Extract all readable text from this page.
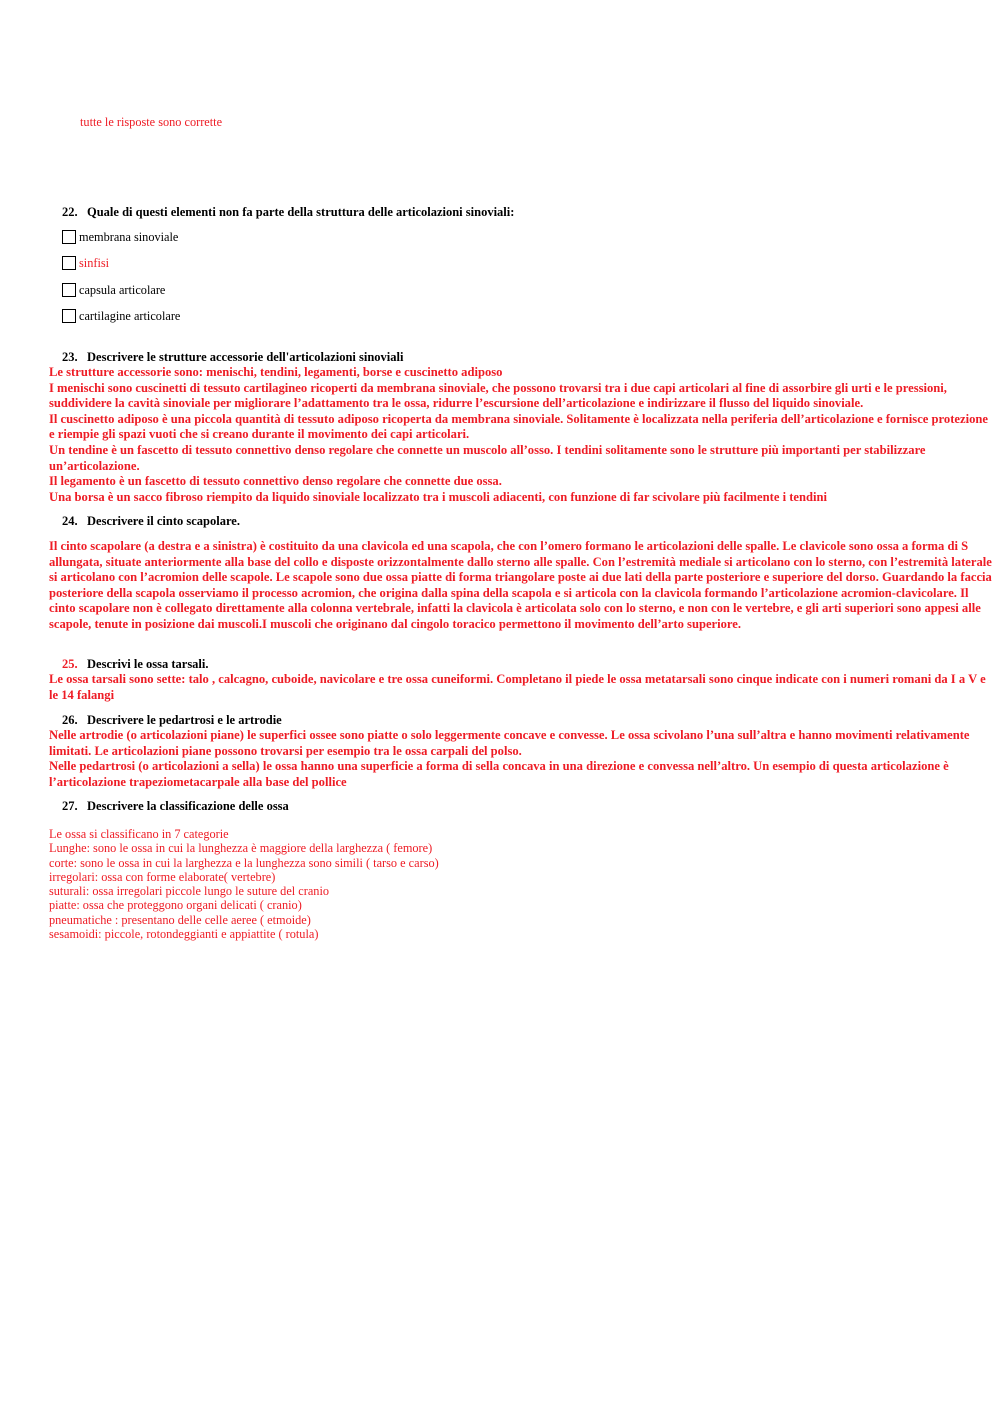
tutte le risposte sono corrette
22. Quale di questi elementi non fa parte della struttura delle articolazioni sinoviali:
membrana sinoviale
sinfisi
capsula articolare
cartilagine articolare
23. Descrivere le strutture accessorie dell'articolazioni sinoviali

Le strutture accessorie sono: menischi, tendini, legamenti, borse e cuscinetto adiposo

I menischi sono cuscinetti di tessuto cartilagineo ricoperti da membrana sinoviale, che possono trovarsi tra i due capi articolari al fine di assorbire gli urti e le pressioni, suddividere la cavità sinoviale per migliorare l’adattamento tra le ossa, ridurre l’escursione dell’articolazione e indirizzare il flusso del liquido sinoviale.

Il cuscinetto adiposo è una piccola quantità di tessuto adiposo ricoperta da membrana sinoviale. Solitamente è localizzata nella periferia dell’articolazione e fornisce protezione e riempie gli spazi vuoti che si creano durante il movimento dei capi articolari.

Un tendine è un fascetto di tessuto connettivo denso regolare che connette un muscolo all’osso. I tendini solitamente sono le strutture più importanti per stabilizzare un’articolazione.

Il legamento è un fascetto di tessuto connettivo denso regolare che connette due ossa.

Una borsa è un sacco fibroso riempito da liquido sinoviale localizzato tra i muscoli adiacenti, con funzione di far scivolare più facilmente i tendini

24. Descrivere il cinto scapolare.

Il cinto scapolare (a destra e a sinistra) è costituito da una clavicola ed una scapola, che con l’omero formano le articolazioni delle spalle. Le clavicole sono ossa a forma di S allungata, situate anteriormente alla base del collo e disposte orizzontalmente dallo sterno alle spalle. Con l’estremità mediale si articolano con lo sterno, con l’estremità laterale si articolano con l’acromion delle scapole. Le scapole sono due ossa piatte di forma triangolare poste ai due lati della parte posteriore e superiore del dorso. Guardando la faccia posteriore della scapola osserviamo il processo acromion, che origina dalla spina della scapola e si articola con la clavicola formando l’articolazione acromion-clavicolare. Il cinto scapolare non è collegato direttamente alla colonna vertebrale, infatti la clavicola è articolata solo con lo sterno, e non con le vertebre, e gli arti superiori sono appesi alle scapole, tenute in posizione dai muscoli.I muscoli che originano dal cingolo toracico permettono il movimento dell’arto superiore.

25. Descrivi le ossa tarsali.

Le ossa tarsali sono sette: talo , calcagno, cuboide, navicolare e tre ossa cuneiformi. Completano il piede le ossa metatarsali sono cinque indicate con i numeri romani da I a V e le 14 falangi

26. Descrivere le pedartrosi e le artrodie

Nelle artrodie (o articolazioni piane) le superfici ossee sono piatte o solo leggermente concave e convesse. Le ossa scivolano l’una sull’altra e hanno movimenti relativamente limitati. Le articolazioni piane possono trovarsi per esempio tra le ossa carpali del polso.

Nelle pedartrosi (o articolazioni a sella) le ossa hanno una superficie a forma di sella concava in una direzione e convessa nell’altro. Un esempio di questa articolazione è l’articolazione trapeziometacarpale alla base del pollice

27. Descrivere la classificazione delle ossa

Le ossa si classificano in 7 categorie

Lunghe: sono le ossa in cui la lunghezza è maggiore della larghezza ( femore)

corte: sono le ossa in cui la larghezza e la lunghezza sono simili ( tarso e carso)

irregolari: ossa con forme elaborate( vertebre)

suturali: ossa irregolari piccole lungo le suture del cranio

piatte: ossa che proteggono organi delicati ( cranio)

pneumatiche : presentano delle celle aeree ( etmoide)

sesamoidi: piccole, rotondeggianti e appiattite ( rotula)
